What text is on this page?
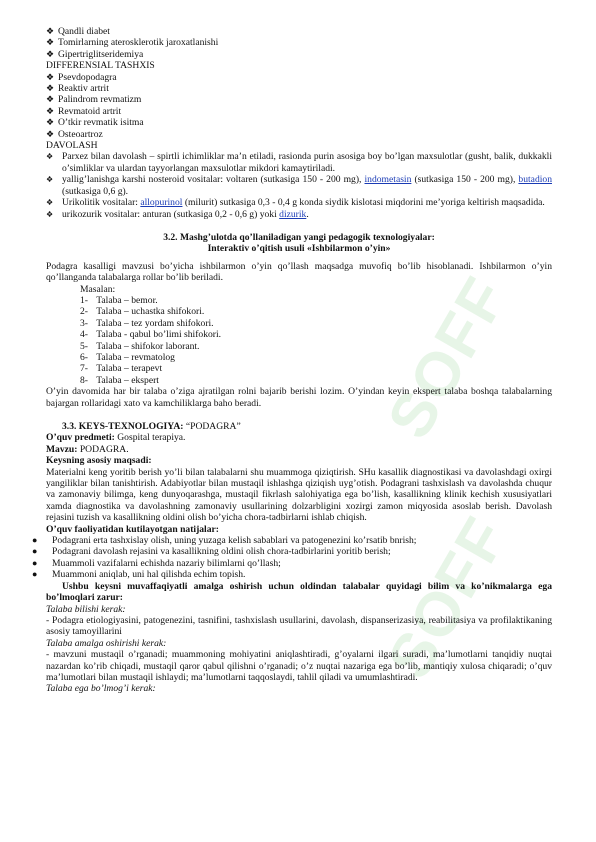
SOFF
SOFF
❖ Qandli diabet
❖ Tomirlarning aterosklerotik jaroxatlanishi
❖ Gipertriglitseridemiya
DIFFERENSIAL TASHXIS
❖ Psevdopodagra
❖ Reaktiv artrit
❖ Palindrom revmatizm
❖ Revmatoid artrit
❖ O’tkir revmatik isitma
❖ Osteoartroz
DAVOLASH
❖ Parxez bilan davolash – spirtli ichimliklar ma’n etiladi, rasionda purin asosiga boy bo’lgan maxsulotlar (gusht, balik, dukkakli o’simliklar va ulardan tayyorlangan maxsulotlar mikdori kamaytiriladi.
❖ yallig’lanishga karshi nosteroid vositalar: voltaren (sutkasiga 150 - 200 mg), indometasin (sutkasiga 150 - 200 mg), butadion (sutkasiga 0,6 g).
❖ Urikolitik vositalar: allopurinol (milurit) sutkasiga 0,3 - 0,4 g konda siydik kislotasi miqdorini me’yoriga keltirish maqsadida.
❖ urikozurik vositalar: anturan (sutkasiga 0,2 - 0,6 g) yoki dizurik.
3.2. Mashg’ulotda qo’llaniladigan yangi pedagogik texnologiyalar:
Interaktiv o’qitish usuli «Ishbilarmon o’yin»
Podagra kasalligi mavzusi bo’yicha ishbilarmon o’yin qo’llash maqsadga muvofiq bo’lib hisoblanadi. Ishbilarmon o’yin qo’llanganda talabalarga rollar bo’lib beriladi.
Masalan:
1- Talaba – bemor.
2- Talaba – uchastka shifokori.
3- Talaba – tez yordam shifokori.
4- Talaba - qabul bo’limi shifokori.
5- Talaba – shifokor laborant.
6- Talaba – revmatolog
7- Talaba – terapevt
8- Talaba – ekspert
O’yin davomida har bir talaba o’ziga ajratilgan rolni bajarib berishi lozim. O’yindan keyin ekspert talaba boshqa talabalarning bajargan rollaridagi xato va kamchiliklarga baho beradi.
3.3. KEYS-TEXNOLOGIYA: “PODAGRA”
O’quv predmeti: Gospital terapiya.
Mavzu: PODAGRA.
Keysning asosiy maqsadi:
Materialni keng yoritib berish yo’li bilan talabalarni shu muammoga qiziqtirish. SHu kasallik diagnostikasi va davolashdagi oxirgi yangiliklar bilan tanishtirish. Adabiyotlar bilan mustaqil ishlashga qiziqish uyg’otish. Podagrani tashxislash va davolashda chuqur va zamonaviy bilimga, keng dunyoqarashga, mustaqil fikrlash salohiyatiga ega bo’lish, kasallikning klinik kechish xususiyatlari xamda diagnostika va davolashning zamonaviy usullarining dolzarbligini xozirgi zamon miqyosida asoslab berish. Davolash rejasini tuzish va kasallikning oldini olish bo’yicha chora-tadbirlarni ishlab chiqish.
O’quv faoliyatidan kutilayotgan natijalar:
●	Podagrani erta tashxislay olish, uning yuzaga kelish sabablari va patogenezini ko’rsatib bnrish;
●	Podagrani davolash rejasini va kasallikning oldini olish chora-tadbirlarini yoritib berish;
●	Muammoli vazifalarni echishda nazariy bilimlarni qo’llash;
●	Muammoni aniqlab, uni hal qilishda echim topish.
Ushbu keysni muvaffaqiyatli amalga oshirish uchun oldindan talabalar quyidagi bilim va ko’nikmalarga ega bo’lmoqlari zarur:
Talaba bilishi kerak:
- Podagra etiologiyasini, patogenezini, tasnifini, tashxislash usullarini, davolash, dispanserizasiya, reabilitasiya va profilaktikaning asosiy tamoyillarini
Talaba amalga oshirishi kerak:
- mavzuni mustaqil o’rganadi; muammoning mohiyatini aniqlashtiradi, g’oyalarni ilgari suradi, ma’lumotlarni tanqidiy nuqtai nazardan ko’rib chiqadi, mustaqil qaror qabul qilishni o’rganadi; o’z nuqtai nazariga ega bo’lib, mantiqiy xulosa chiqaradi; o’quv ma’lumotlari bilan mustaqil ishlaydi; ma’lumotlarni taqqoslaydi, tahlil qiladi va umumlashtiradi.
Talaba ega bo’lmog’i kerak:
